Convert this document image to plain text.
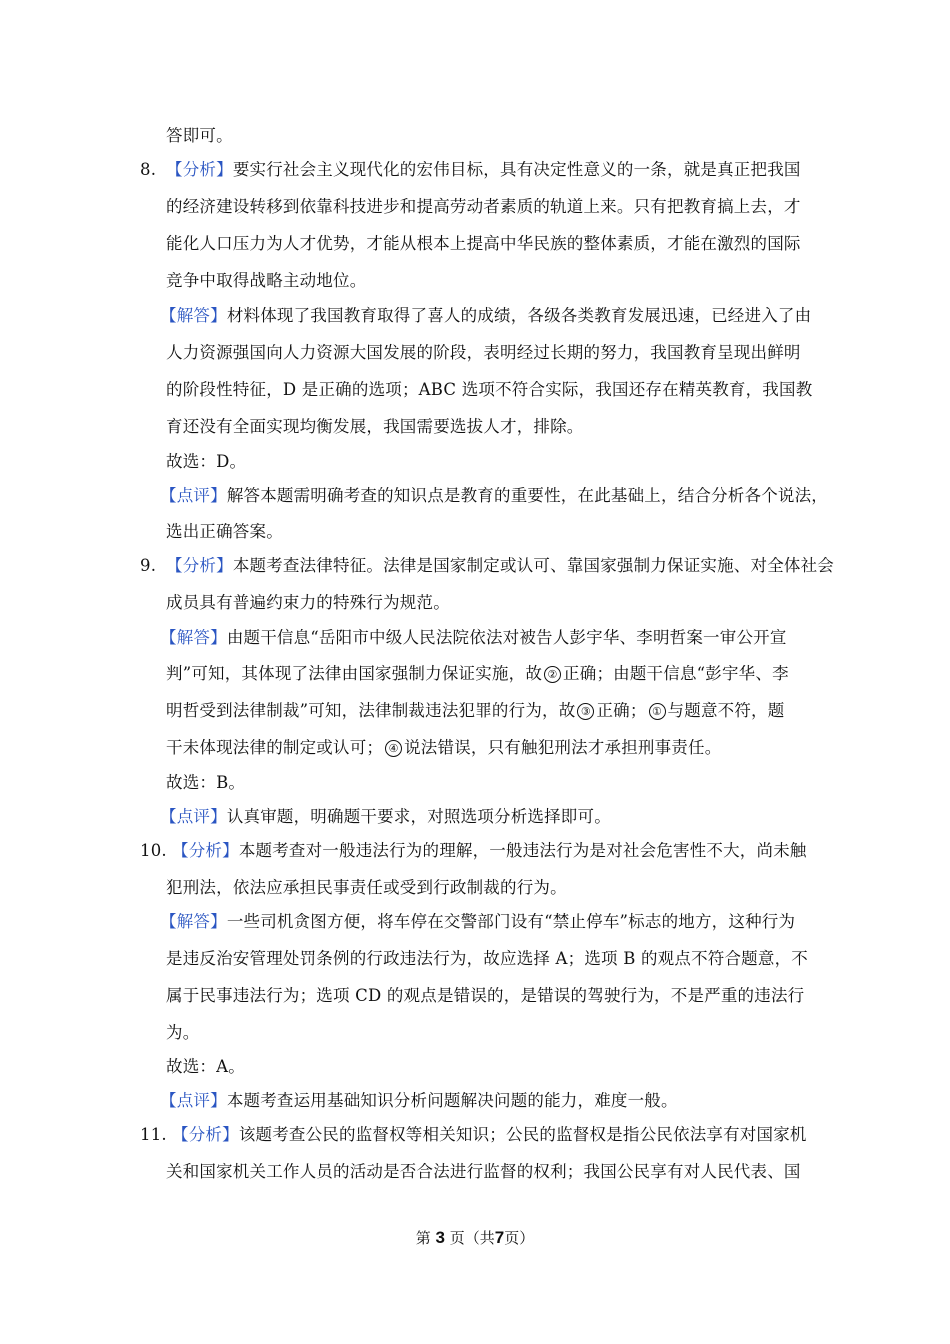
答即可。
8. 【分析】要实行社会主义现代化的宏伟目标，具有决定性意义的一条，就是真正把我国
的经济建设转移到依靠科技进步和提高劳动者素质的轨道上来。只有把教育搞上去，才
能化人口压力为人才优势，才能从根本上提高中华民族的整体素质，才能在激烈的国际
竞争中取得战略主动地位。
【解答】材料体现了我国教育取得了喜人的成绩，各级各类教育发展迅速，已经进入了由
人力资源强国向人力资源大国发展的阶段，表明经过长期的努力，我国教育呈现出鲜明
的阶段性特征，D 是正确的选项；ABC 选项不符合实际，我国还存在精英教育，我国教
育还没有全面实现均衡发展，我国需要选拔人才，排除。
故选：D。
【点评】解答本题需明确考查的知识点是教育的重要性，在此基础上，结合分析各个说法，
选出正确答案。
9. 【分析】本题考查法律特征。法律是国家制定或认可、靠国家强制力保证实施、对全体社会
成员具有普遍约束力的特殊行为规范。
【解答】由题干信息“岳阳市中级人民法院依法对被告人彭宇华、李明哲案一审公开宣
判”可知，其体现了法律由国家强制力保证实施，故 ② 正确；由题干信息“彭宇华、李
明哲受到法律制裁”可知，法律制裁违法犯罪的行为，故 ③ 正确； ① 与题意不符，题
干未体现法律的制定或认可； ④ 说法错误，只有触犯刑法才承担刑事责任。
故选：B。
【点评】认真审题，明确题干要求，对照选项分析选择即可。
10. 【分析】本题考查对一般违法行为的理解，一般违法行为是对社会危害性不大，尚未触
犯刑法，依法应承担民事责任或受到行政制裁的行为。
【解答】一些司机贪图方便，将车停在交警部门设有“禁止停车”标志的地方，这种行为
是违反治安管理处罚条例的行政违法行为，故应选择 A；选项 B 的观点不符合题意，不
属于民事违法行为；选项 CD 的观点是错误的，是错误的驾驶行为，不是严重的违法行
为。
故选：A。
【点评】本题考查运用基础知识分析问题解决问题的能力，难度一般。
11. 【分析】该题考查公民的监督权等相关知识；公民的监督权是指公民依法享有对国家机
关和国家机关工作人员的活动是否合法进行监督的权利；我国公民享有对人民代表、国
第 3 页（共7页）
